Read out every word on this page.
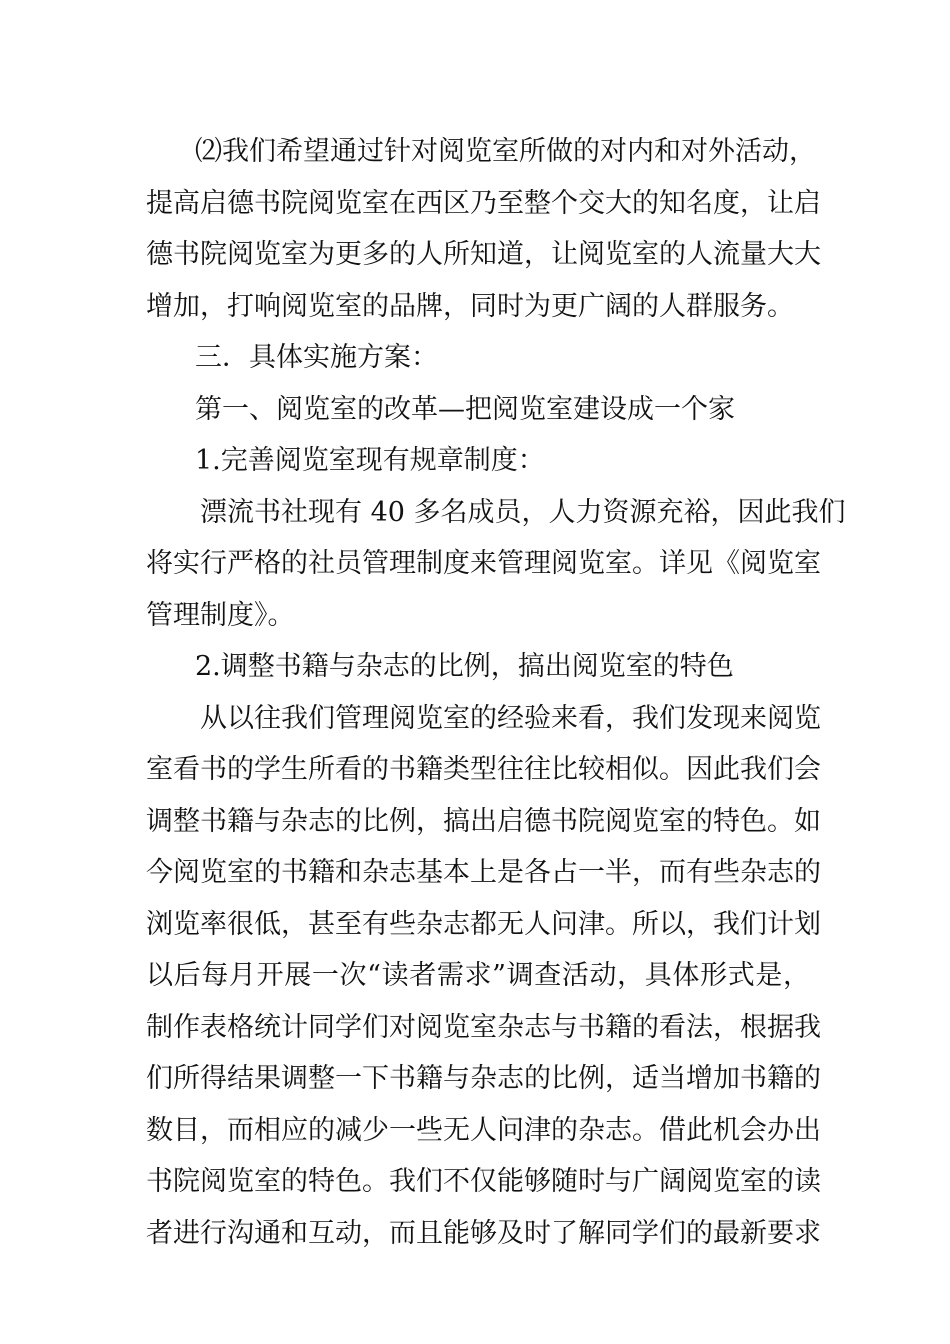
⑵我们希望通过针对阅览室所做的对内和对外活动，
提高启德书院阅览室在西区乃至整个交大的知名度，让启
德书院阅览室为更多的人所知道，让阅览室的人流量大大
增加，打响阅览室的品牌，同时为更广阔的人群服务。
三．具体实施方案：
第一、阅览室的改革—把阅览室建设成一个家
1.完善阅览室现有规章制度：
漂流书社现有 40 多名成员，人力资源充裕，因此我们
将实行严格的社员管理制度来管理阅览室。详见《阅览室
管理制度》。
2.调整书籍与杂志的比例，搞出阅览室的特色
从以往我们管理阅览室的经验来看，我们发现来阅览
室看书的学生所看的书籍类型往往比较相似。因此我们会
调整书籍与杂志的比例，搞出启德书院阅览室的特色。如
今阅览室的书籍和杂志基本上是各占一半，而有些杂志的
浏览率很低，甚至有些杂志都无人问津。所以，我们计划
以后每月开展一次“读者需求”调查活动，具体形式是，
制作表格统计同学们对阅览室杂志与书籍的看法，根据我
们所得结果调整一下书籍与杂志的比例，适当增加书籍的
数目，而相应的减少一些无人问津的杂志。借此机会办出
书院阅览室的特色。我们不仅能够随时与广阔阅览室的读
者进行沟通和互动，而且能够及时了解同学们的最新要求
